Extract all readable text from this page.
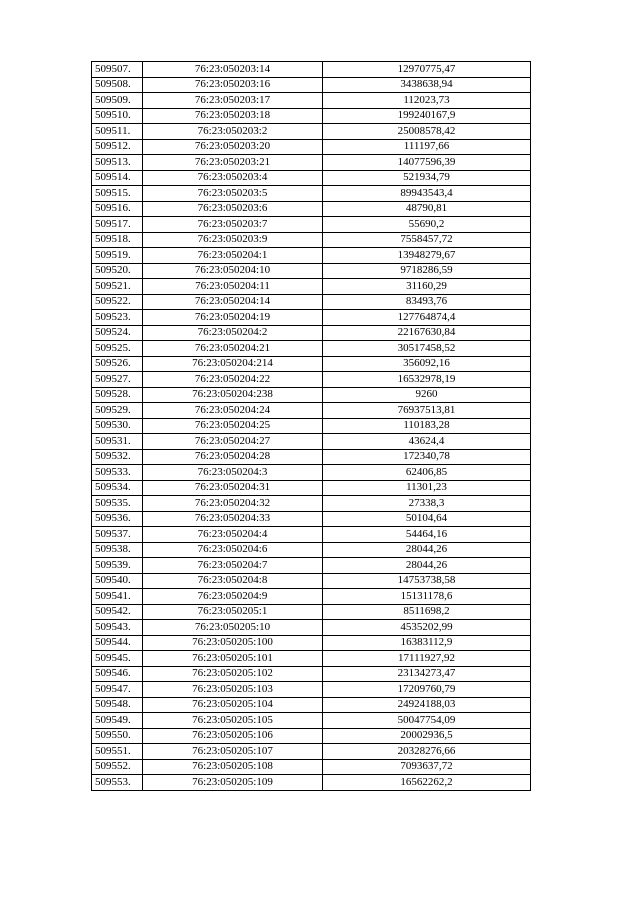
509507.	76:23:050203:14	12970775,47
509508.	76:23:050203:16	3438638,94
509509.	76:23:050203:17	112023,73
509510.	76:23:050203:18	199240167,9
509511.	76:23:050203:2	25008578,42
509512.	76:23:050203:20	111197,66
509513.	76:23:050203:21	14077596,39
509514.	76:23:050203:4	521934,79
509515.	76:23:050203:5	89943543,4
509516.	76:23:050203:6	48790,81
509517.	76:23:050203:7	55690,2
509518.	76:23:050203:9	7558457,72
509519.	76:23:050204:1	13948279,67
509520.	76:23:050204:10	9718286,59
509521.	76:23:050204:11	31160,29
509522.	76:23:050204:14	83493,76
509523.	76:23:050204:19	127764874,4
509524.	76:23:050204:2	22167630,84
509525.	76:23:050204:21	30517458,52
509526.	76:23:050204:214	356092,16
509527.	76:23:050204:22	16532978,19
509528.	76:23:050204:238	9260
509529.	76:23:050204:24	76937513,81
509530.	76:23:050204:25	110183,28
509531.	76:23:050204:27	43624,4
509532.	76:23:050204:28	172340,78
509533.	76:23:050204:3	62406,85
509534.	76:23:050204:31	11301,23
509535.	76:23:050204:32	27338,3
509536.	76:23:050204:33	50104,64
509537.	76:23:050204:4	54464,16
509538.	76:23:050204:6	28044,26
509539.	76:23:050204:7	28044,26
509540.	76:23:050204:8	14753738,58
509541.	76:23:050204:9	15131178,6
509542.	76:23:050205:1	8511698,2
509543.	76:23:050205:10	4535202,99
509544.	76:23:050205:100	16383112,9
509545.	76:23:050205:101	17111927,92
509546.	76:23:050205:102	23134273,47
509547.	76:23:050205:103	17209760,79
509548.	76:23:050205:104	24924188,03
509549.	76:23:050205:105	50047754,09
509550.	76:23:050205:106	20002936,5
509551.	76:23:050205:107	20328276,66
509552.	76:23:050205:108	7093637,72
509553.	76:23:050205:109	16562262,2
